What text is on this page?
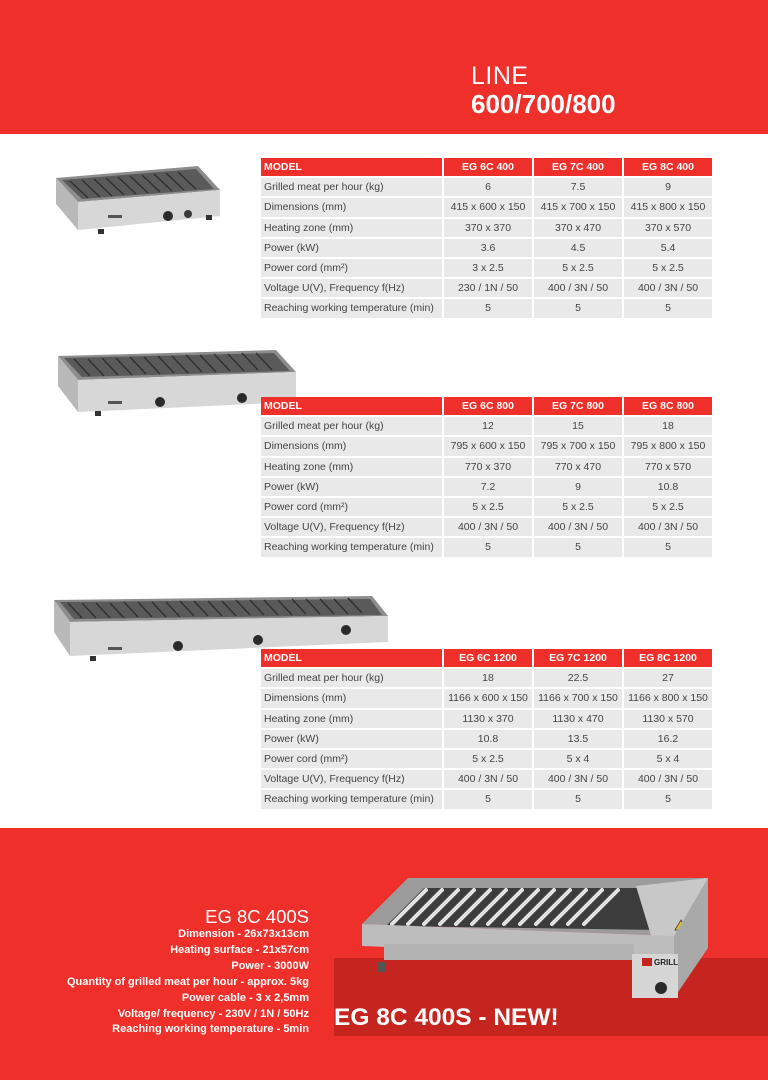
LINE
600/700/800
MODEL	EG 6C 400	EG 7C 400	EG 8C 400
Grilled meat per hour (kg)	6	7.5	9
Dimensions (mm)	415 x 600 x 150	415 x 700 x 150	415 x 800 x 150
Heating zone (mm)	370 x 370	370 x 470	370 x 570
Power (kW)	3.6	4.5	5.4
Power cord (mm²)	3 x 2.5	5 x 2.5	5 x 2.5
Voltage U(V), Frequency f(Hz)	230 / 1N / 50	400 / 3N / 50	400 / 3N / 50
Reaching working temperature (min)	5	5	5
MODEL	EG 6C 800	EG 7C 800	EG 8C 800
Grilled meat per hour (kg)	12	15	18
Dimensions (mm)	795 x 600 x 150	795 x 700 x 150	795 x 800 x 150
Heating zone (mm)	770 x 370	770 x 470	770 x 570
Power (kW)	7.2	9	10.8
Power cord (mm²)	5 x 2.5	5 x 2.5	5 x 2.5
Voltage U(V), Frequency f(Hz)	400 / 3N / 50	400 / 3N / 50	400 / 3N / 50
Reaching working temperature (min)	5	5	5
MODEL	EG 6C 1200	EG 7C 1200	EG 8C 1200
Grilled meat per hour (kg)	18	22.5	27
Dimensions (mm)	1166 x 600 x 150	1166 x 700 x 150	1166 x 800 x 150
Heating zone (mm)	1130 x 370	1130 x 470	1130 x 570
Power (kW)	10.8	13.5	16.2
Power cord (mm²)	5 x 2.5	5 x 4	5 x 4
Voltage U(V), Frequency f(Hz)	400 / 3N / 50	400 / 3N / 50	400 / 3N / 50
Reaching working temperature (min)	5	5	5
GRILL
EG 8C 400S
Dimension - 26x73x13cm
Heating surface - 21x57cm
Power - 3000W
Quantity of grilled meat per hour - approx. 5kg
Power cable - 3 x 2,5mm
Voltage/ frequency - 230V / 1N / 50Hz
Reaching working temperature - 5min EG 8C 400S - NEW!
